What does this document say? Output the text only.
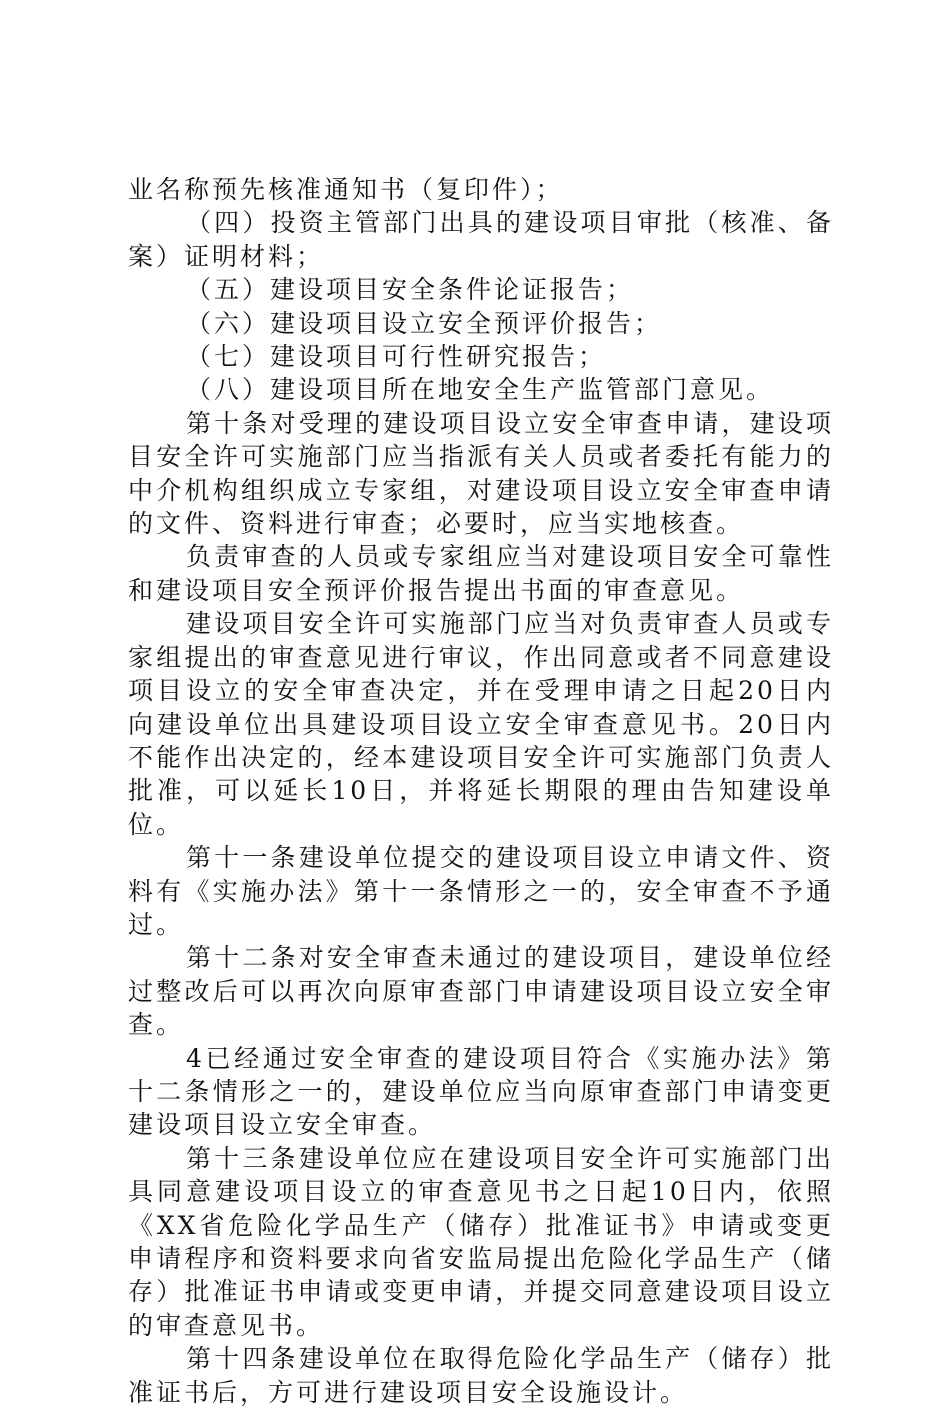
业名称预先核准通知书（复印件）；

（四）投资主管部门出具的建设项目审批（核准、备案）证明材料；

（五）建设项目安全条件论证报告；

（六）建设项目设立安全预评价报告；

（七）建设项目可行性研究报告；

（八）建设项目所在地安全生产监管部门意见。

第十条对受理的建设项目设立安全审查申请，建设项目安全许可实施部门应当指派有关人员或者委托有能力的中介机构组织成立专家组，对建设项目设立安全审查申请的文件、资料进行审查；必要时，应当实地核查。

负责审查的人员或专家组应当对建设项目安全可靠性和建设项目安全预评价报告提出书面的审查意见。

建设项目安全许可实施部门应当对负责审查人员或专家组提出的审查意见进行审议，作出同意或者不同意建设项目设立的安全审查决定，并在受理申请之日起20日内向建设单位出具建设项目设立安全审查意见书。20日内不能作出决定的，经本建设项目安全许可实施部门负责人批准，可以延长10日，并将延长期限的理由告知建设单位。

第十一条建设单位提交的建设项目设立申请文件、资料有《实施办法》第十一条情形之一的，安全审查不予通过。

第十二条对安全审查未通过的建设项目，建设单位经过整改后可以再次向原审查部门申请建设项目设立安全审查。

4已经通过安全审查的建设项目符合《实施办法》第十二条情形之一的，建设单位应当向原审查部门申请变更建设项目设立安全审查。

第十三条建设单位应在建设项目安全许可实施部门出具同意建设项目设立的审查意见书之日起10日内，依照《XX省危险化学品生产（储存）批准证书》申请或变更申请程序和资料要求向省安监局提出危险化学品生产（储存）批准证书申请或变更申请，并提交同意建设项目设立的审查意见书。

第十四条建设单位在取得危险化学品生产（储存）批准证书后，方可进行建设项目安全设施设计。
